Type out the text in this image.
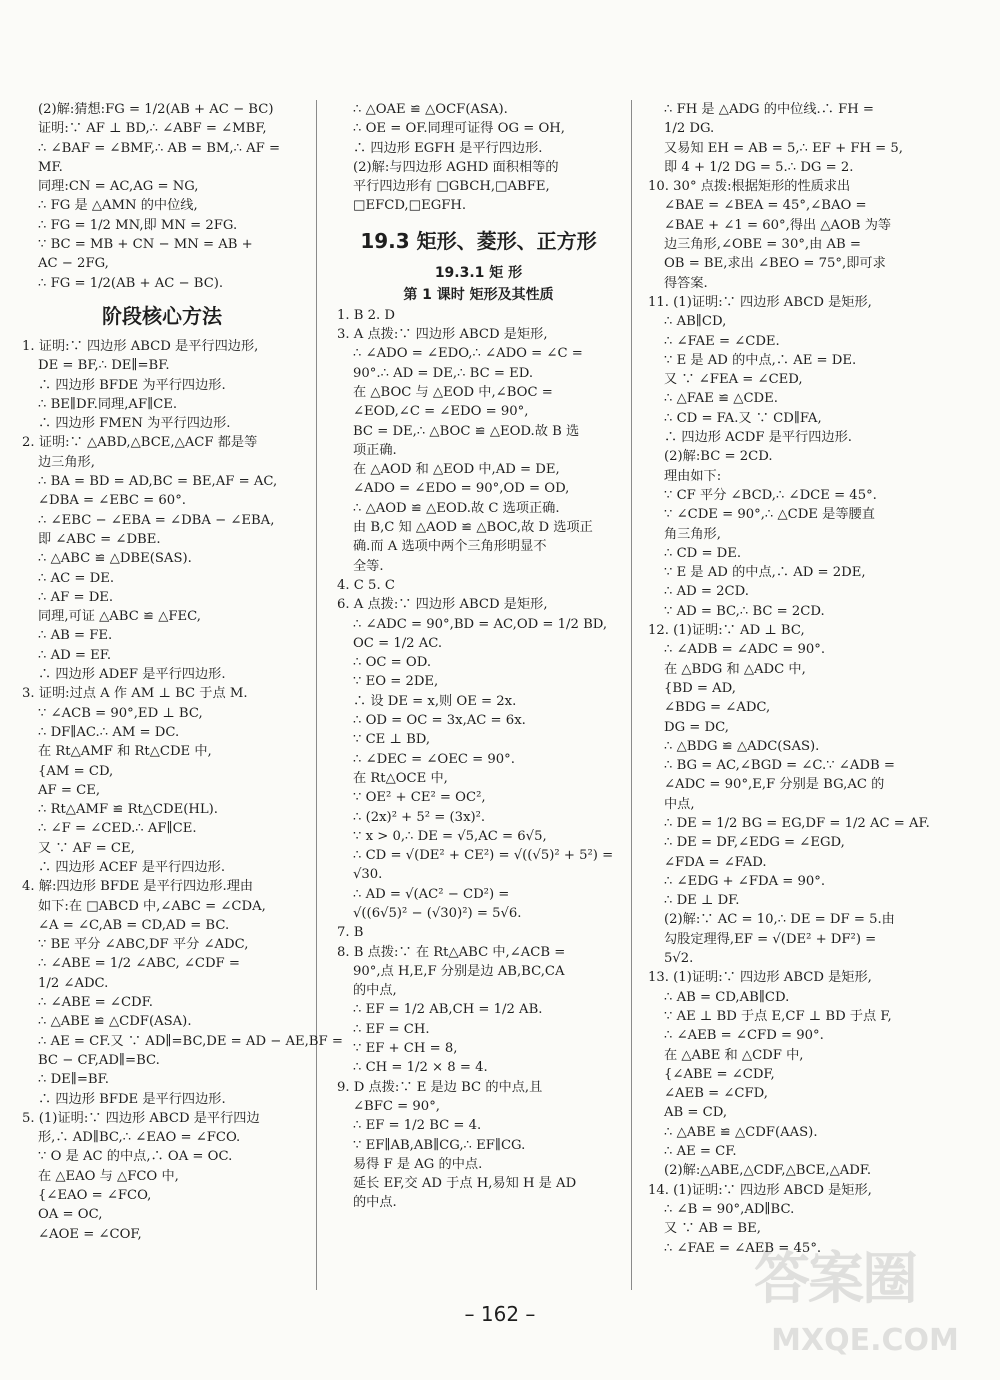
(2)解:猜想:FG = 1/2(AB + AC − BC)
证明:∵ AF ⊥ BD,∴ ∠ABF = ∠MBF,
∴ ∠BAF = ∠BMF,∴ AB = BM,∴ AF =
MF.
同理:CN = AC,AG = NG,
∴ FG 是 △AMN 的中位线,
∴ FG = 1/2 MN,即 MN = 2FG.
∵ BC = MB + CN − MN = AB +
AC − 2FG,
∴ FG = 1/2(AB + AC − BC).
阶段核心方法
1. 证明:∵ 四边形 ABCD 是平行四边形,
DE = BF,∴ DE∥=BF.
∴ 四边形 BFDE 为平行四边形.
∴ BE∥DF.同理,AF∥CE.
∴ 四边形 FMEN 为平行四边形.
2. 证明:∵ △ABD,△BCE,△ACF 都是等
边三角形,
∴ BA = BD = AD,BC = BE,AF = AC,
∠DBA = ∠EBC = 60°.
∴ ∠EBC − ∠EBA = ∠DBA − ∠EBA,
即 ∠ABC = ∠DBE.
∴ △ABC ≌ △DBE(SAS).
∴ AC = DE.
∴ AF = DE.
同理,可证 △ABC ≌ △FEC,
∴ AB = FE.
∴ AD = EF.
∴ 四边形 ADEF 是平行四边形.
3. 证明:过点 A 作 AM ⊥ BC 于点 M.
∵ ∠ACB = 90°,ED ⊥ BC,
∴ DF∥AC.∴ AM = DC.
在 Rt△AMF 和 Rt△CDE 中,
{AM = CD,
AF = CE,
∴ Rt△AMF ≌ Rt△CDE(HL).
∴ ∠F = ∠CED.∴ AF∥CE.
又 ∵ AF = CE,
∴ 四边形 ACEF 是平行四边形.
4. 解:四边形 BFDE 是平行四边形.理由
如下:在 □ABCD 中,∠ABC = ∠CDA,
∠A = ∠C,AB = CD,AD = BC.
∵ BE 平分 ∠ABC,DF 平分 ∠ADC,
∴ ∠ABE = 1/2 ∠ABC, ∠CDF =
1/2 ∠ADC.
∴ ∠ABE = ∠CDF.
∴ △ABE ≌ △CDF(ASA).
∴ AE = CF.又 ∵ AD∥=BC,DE = AD − AE,BF =
BC − CF,AD∥=BC.
∴ DE∥=BF.
∴ 四边形 BFDE 是平行四边形.
5. (1)证明:∵ 四边形 ABCD 是平行四边
形,∴ AD∥BC,∴ ∠EAO = ∠FCO.
∵ O 是 AC 的中点,∴ OA = OC.
在 △EAO 与 △FCO 中,
{∠EAO = ∠FCO,
OA = OC,
∠AOE = ∠COF,
∴ △OAE ≌ △OCF(ASA).
∴ OE = OF.同理可证得 OG = OH,
∴ 四边形 EGFH 是平行四边形.
(2)解:与四边形 AGHD 面积相等的
平行四边形有 □GBCH,□ABFE,
□EFCD,□EGFH.
19.3 矩形、菱形、正方形
19.3.1 矩 形
第 1 课时 矩形及其性质
1. B 2. D
3. A 点拨:∵ 四边形 ABCD 是矩形,
∴ ∠ADO = ∠EDO,∴ ∠ADO = ∠C =
90°.∴ AD = DE,∴ BC = ED.
在 △BOC 与 △EOD 中,∠BOC =
∠EOD,∠C = ∠EDO = 90°,
BC = DE,∴ △BOC ≌ △EOD.故 B 选
项正确.
在 △AOD 和 △EOD 中,AD = DE,
∠ADO = ∠EDO = 90°,OD = OD,
∴ △AOD ≌ △EOD.故 C 选项正确.
由 B,C 知 △AOD ≌ △BOC,故 D 选项正
确.而 A 选项中两个三角形明显不
全等.
4. C 5. C
6. A 点拨:∵ 四边形 ABCD 是矩形,
∴ ∠ADC = 90°,BD = AC,OD = 1/2 BD,
OC = 1/2 AC.
∴ OC = OD.
∵ EO = 2DE,
∴ 设 DE = x,则 OE = 2x.
∴ OD = OC = 3x,AC = 6x.
∵ CE ⊥ BD,
∴ ∠DEC = ∠OEC = 90°.
在 Rt△OCE 中,
∵ OE² + CE² = OC²,
∴ (2x)² + 5² = (3x)².
∵ x > 0,∴ DE = √5,AC = 6√5,
∴ CD = √(DE² + CE²) = √((√5)² + 5²) =
√30.
∴ AD = √(AC² − CD²) =
√((6√5)² − (√30)²) = 5√6.
7. B
8. B 点拨:∵ 在 Rt△ABC 中,∠ACB =
90°,点 H,E,F 分别是边 AB,BC,CA
的中点,
∴ EF = 1/2 AB,CH = 1/2 AB.
∴ EF = CH.
∵ EF + CH = 8,
∴ CH = 1/2 × 8 = 4.
9. D 点拨:∵ E 是边 BC 的中点,且
∠BFC = 90°,
∴ EF = 1/2 BC = 4.
∵ EF∥AB,AB∥CG,∴ EF∥CG.
易得 F 是 AG 的中点.
延长 EF,交 AD 于点 H,易知 H 是 AD
的中点.
∴ FH 是 △ADG 的中位线.∴ FH =
1/2 DG.
又易知 EH = AB = 5,∴ EF + FH = 5,
即 4 + 1/2 DG = 5.∴ DG = 2.
10. 30° 点拨:根据矩形的性质求出
∠BAE = ∠BEA = 45°,∠BAO =
∠BAE + ∠1 = 60°,得出 △AOB 为等
边三角形,∠OBE = 30°,由 AB =
OB = BE,求出 ∠BEO = 75°,即可求
得答案.
11. (1)证明:∵ 四边形 ABCD 是矩形,
∴ AB∥CD,
∴ ∠FAE = ∠CDE.
∵ E 是 AD 的中点,∴ AE = DE.
又 ∵ ∠FEA = ∠CED,
∴ △FAE ≌ △CDE.
∴ CD = FA.又 ∵ CD∥FA,
∴ 四边形 ACDF 是平行四边形.
(2)解:BC = 2CD.
理由如下:
∵ CF 平分 ∠BCD,∴ ∠DCE = 45°.
∵ ∠CDE = 90°,∴ △CDE 是等腰直
角三角形,
∴ CD = DE.
∵ E 是 AD 的中点,∴ AD = 2DE,
∴ AD = 2CD.
∵ AD = BC,∴ BC = 2CD.
12. (1)证明:∵ AD ⊥ BC,
∴ ∠ADB = ∠ADC = 90°.
在 △BDG 和 △ADC 中,
{BD = AD,
∠BDG = ∠ADC,
DG = DC,
∴ △BDG ≌ △ADC(SAS).
∴ BG = AC,∠BGD = ∠C.∵ ∠ADB =
∠ADC = 90°,E,F 分别是 BG,AC 的
中点,
∴ DE = 1/2 BG = EG,DF = 1/2 AC = AF.
∴ DE = DF,∠EDG = ∠EGD,
∠FDA = ∠FAD.
∴ ∠EDG + ∠FDA = 90°.
∴ DE ⊥ DF.
(2)解:∵ AC = 10,∴ DE = DF = 5.由
勾股定理得,EF = √(DE² + DF²) =
5√2.
13. (1)证明:∵ 四边形 ABCD 是矩形,
∴ AB = CD,AB∥CD.
∵ AE ⊥ BD 于点 E,CF ⊥ BD 于点 F,
∴ ∠AEB = ∠CFD = 90°.
在 △ABE 和 △CDF 中,
{∠ABE = ∠CDF,
∠AEB = ∠CFD,
AB = CD,
∴ △ABE ≌ △CDF(AAS).
∴ AE = CF.
(2)解:△ABE,△CDF,△BCE,△ADF.
14. (1)证明:∵ 四边形 ABCD 是矩形,
∴ ∠B = 90°,AD∥BC.
又 ∵ AB = BE,
∴ ∠FAE = ∠AEB = 45°.
– 162 –
答案圈
MXQE.COM
